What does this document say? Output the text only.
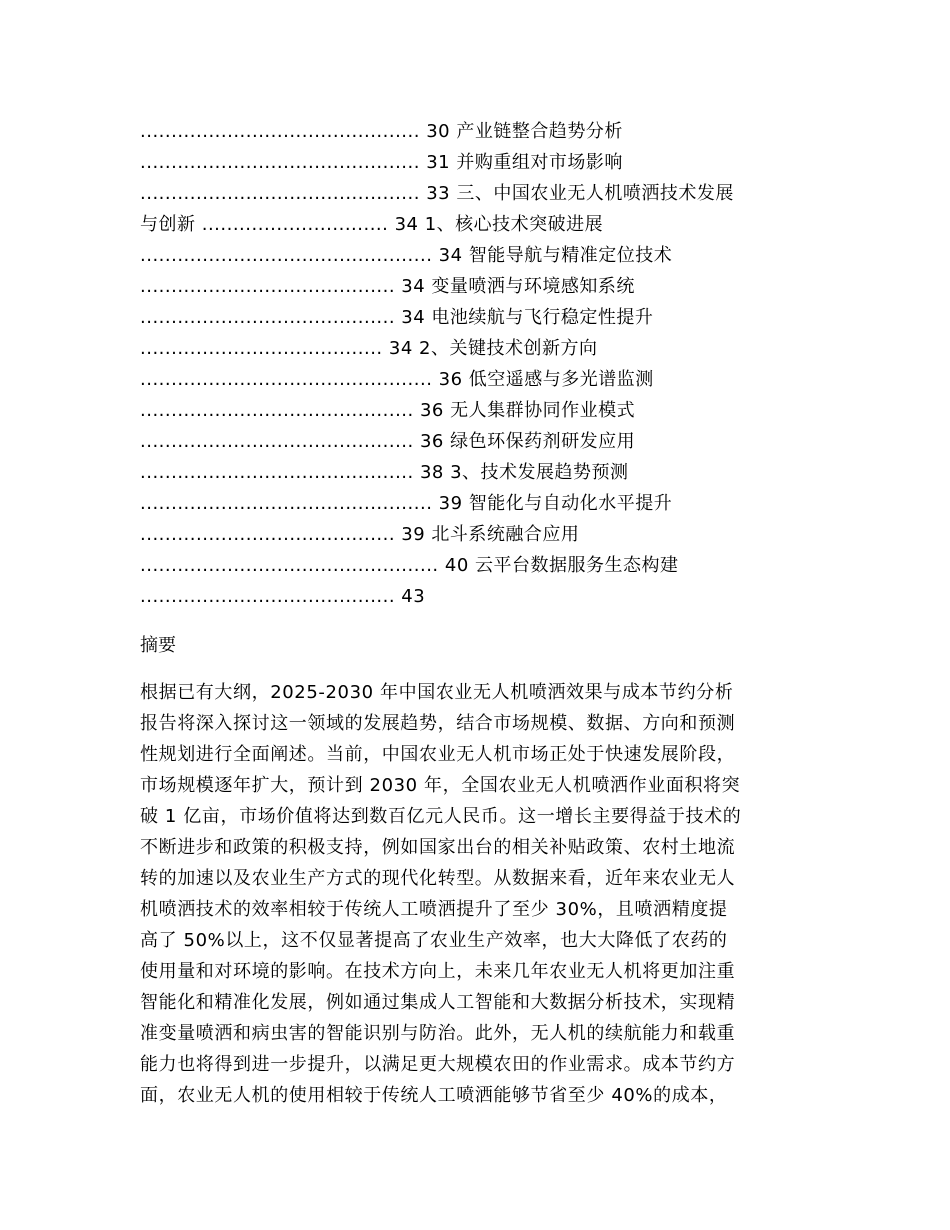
............................................. 30 产业链整合趋势分析
............................................. 31 并购重组对市场影响
............................................. 33 三、中国农业无人机喷洒技术发展
与创新 .............................. 34 1、核心技术突破进展
............................................... 34 智能导航与精准定位技术
......................................... 34 变量喷洒与环境感知系统
......................................... 34 电池续航与飞行稳定性提升
....................................... 34 2、关键技术创新方向
............................................... 36 低空遥感与多光谱监测
............................................ 36 无人集群协同作业模式
............................................ 36 绿色环保药剂研发应用
............................................ 38 3、技术发展趋势预测
............................................... 39 智能化与自动化水平提升
......................................... 39 北斗系统融合应用
................................................ 40 云平台数据服务生态构建
......................................... 43
摘要
根据已有大纲，2025-2030 年中国农业无人机喷洒效果与成本节约分析
报告将深入探讨这一领域的发展趋势，结合市场规模、数据、方向和预测
性规划进行全面阐述。当前，中国农业无人机市场正处于快速发展阶段，
市场规模逐年扩大，预计到 2030 年，全国农业无人机喷洒作业面积将突
破 1 亿亩，市场价值将达到数百亿元人民币。这一增长主要得益于技术的
不断进步和政策的积极支持，例如国家出台的相关补贴政策、农村土地流
转的加速以及农业生产方式的现代化转型。从数据来看，近年来农业无人
机喷洒技术的效率相较于传统人工喷洒提升了至少 30%，且喷洒精度提
高了 50%以上，这不仅显著提高了农业生产效率，也大大降低了农药的
使用量和对环境的影响。在技术方向上，未来几年农业无人机将更加注重
智能化和精准化发展，例如通过集成人工智能和大数据分析技术，实现精
准变量喷洒和病虫害的智能识别与防治。此外，无人机的续航能力和载重
能力也将得到进一步提升，以满足更大规模农田的作业需求。成本节约方
面，农业无人机的使用相较于传统人工喷洒能够节省至少 40%的成本，
